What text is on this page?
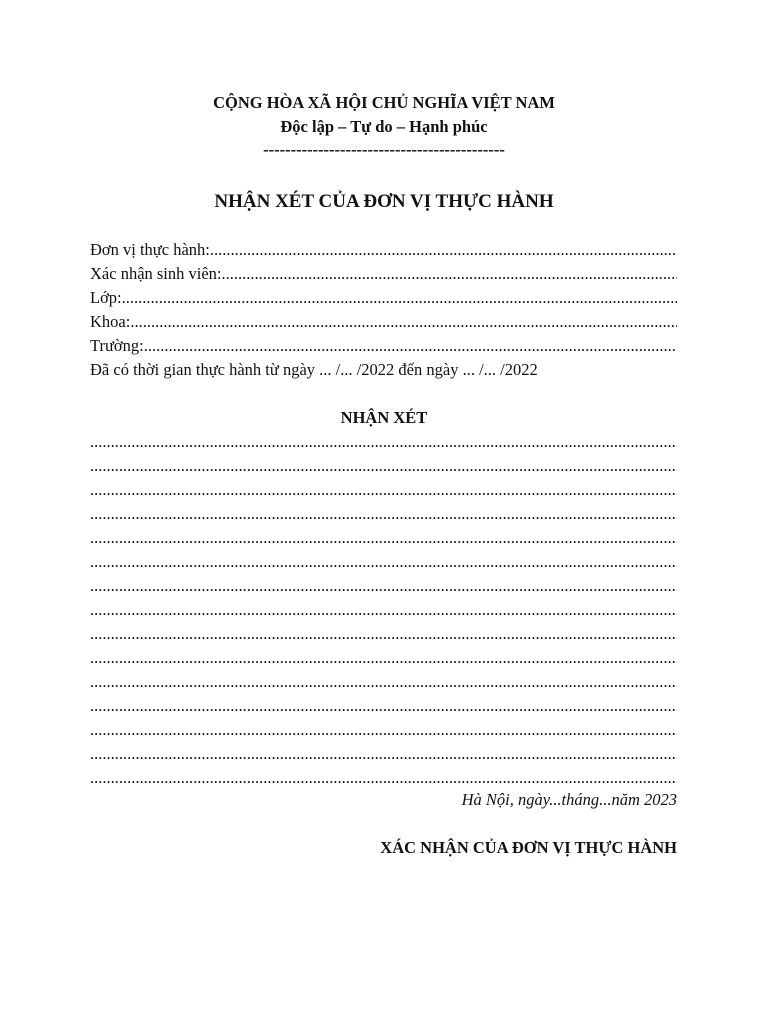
CỘNG HÒA XÃ HỘI CHỦ NGHĨA VIỆT NAM
Độc lập – Tự do – Hạnh phúc
--------------------------------------------
NHẬN XÉT CỦA ĐƠN VỊ THỰC HÀNH
Đơn vị thực hành:
.....
Xác nhận sinh viên:
.....
Lớp:
.....
Khoa:
.....
Trường:
.....
Đã có thời gian thực hành từ ngày ... /... /2022 đến ngày ... /... /2022
NHẬN XÉT
.....
.....
.....
.....
.....
.....
.....
.....
.....
.....
.....
.....
.....
.....
.....
Hà Nội, ngày...tháng...năm 2023
XÁC NHẬN CỦA ĐƠN VỊ THỰC HÀNH
